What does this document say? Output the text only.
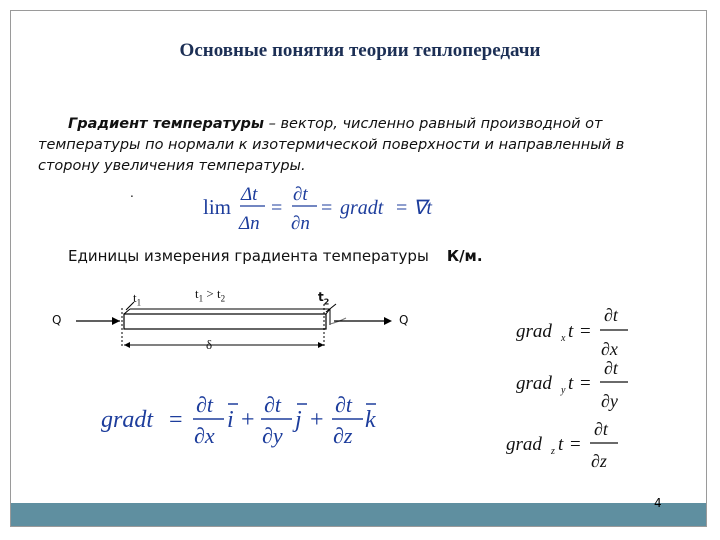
Основные понятия теории теплопередачи
Градиент температуры – вектор, численно равный производной от температуры по нормали к изотермической поверхности и направленный в сторону увеличения температуры.
.
lim
Δt
Δn
=
∂t
∂n
= gradt = ∇t
gradt =
∂t
∂x
i +
∂t
∂y
j +
∂t
∂z
k
grad x t =
∂t
∂x
grad y t =
∂t
∂y
grad z t =
∂t
∂z
Единицы измерения градиента температуры К/м.
Q	Q
$t_1$
$t_1 > t_2$	$t_2$
δ
4
